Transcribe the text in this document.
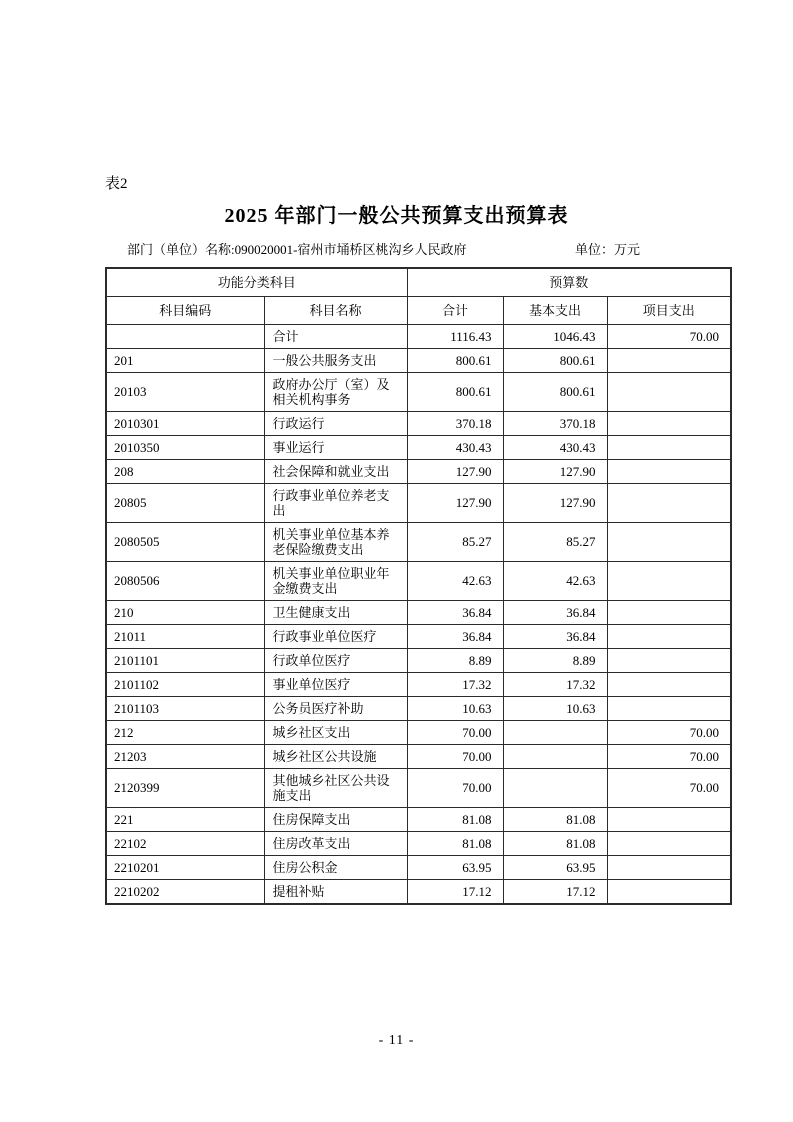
表2
2025 年部门一般公共预算支出预算表
部门（单位）名称:090020001-宿州市埇桥区桃沟乡人民政府	单位：万元
功能分类科目		预算数		
科目编码	科目名称	合计	基本支出	项目支出
	合计	1116.43	1046.43	70.00
201	一般公共服务支出	800.61	800.61	
20103	政府办公厅（室）及相关机构事务	800.61	800.61	
2010301	行政运行	370.18	370.18	
2010350	事业运行	430.43	430.43	
208	社会保障和就业支出	127.90	127.90	
20805	行政事业单位养老支出	127.90	127.90	
2080505	机关事业单位基本养老保险缴费支出	85.27	85.27	
2080506	机关事业单位职业年金缴费支出	42.63	42.63	
210	卫生健康支出	36.84	36.84	
21011	行政事业单位医疗	36.84	36.84	
2101101	行政单位医疗	8.89	8.89	
2101102	事业单位医疗	17.32	17.32	
2101103	公务员医疗补助	10.63	10.63	
212	城乡社区支出	70.00		70.00
21203	城乡社区公共设施	70.00		70.00
2120399	其他城乡社区公共设施支出	70.00		70.00
221	住房保障支出	81.08	81.08	
22102	住房改革支出	81.08	81.08	
2210201	住房公积金	63.95	63.95	
2210202	提租补贴	17.12	17.12	
- 11 -
